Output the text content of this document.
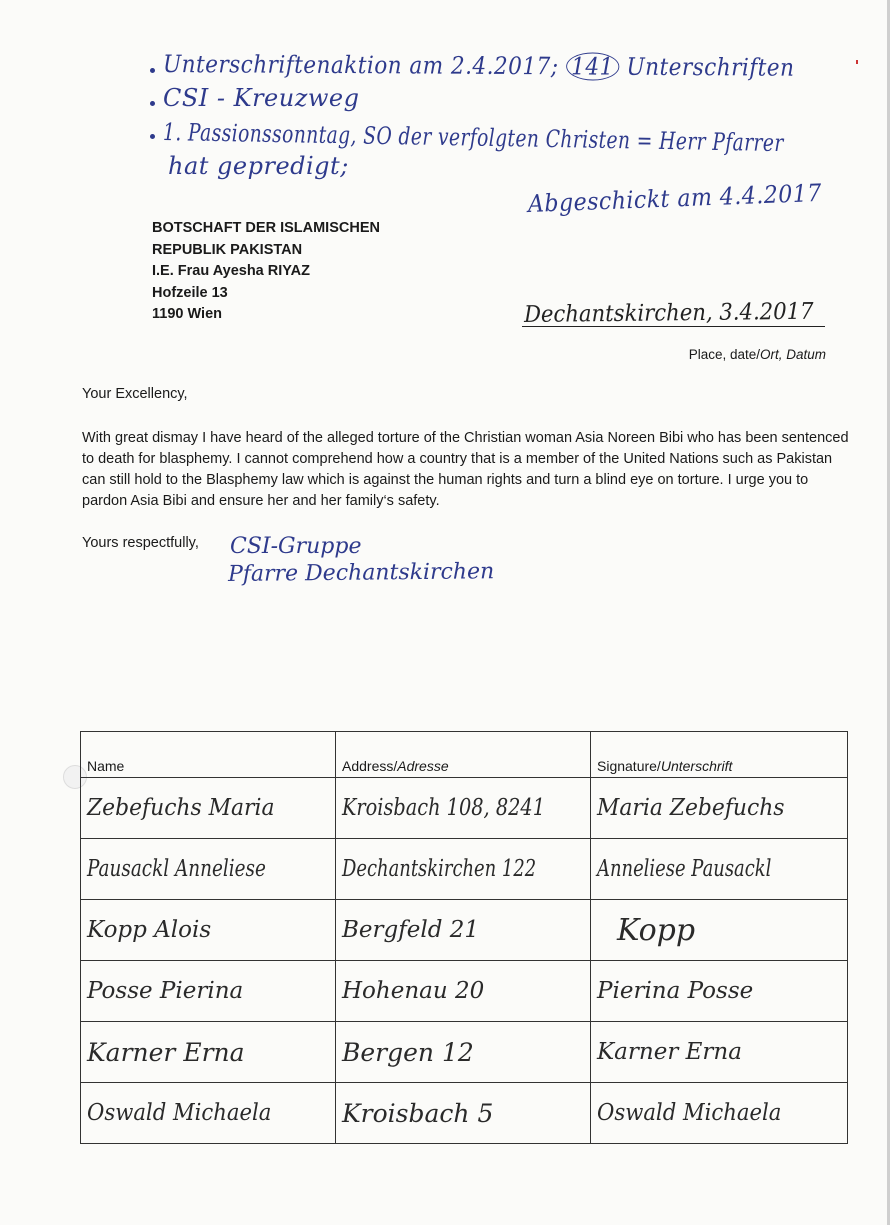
Unterschriftenaktion am 2.4.2017; 141 Unterschriften
CSI - Kreuzweg
1. Passionssonntag, SO der verfolgten Christen = Herr Pfarrer
hat gepredigt;
Abgeschickt am 4.4.2017
BOTSCHAFT DER ISLAMISCHEN
REPUBLIK PAKISTAN
I.E. Frau Ayesha RIYAZ
Hofzeile 13
1190 Wien	Dechantskirchen, 3.4.2017
Place, date/Ort, Datum
Your Excellency,
With great dismay I have heard of the alleged torture of the Christian woman Asia Noreen Bibi who has been sentenced to death for blasphemy. I cannot comprehend how a country that is a member of the United Nations such as Pakistan can still hold to the Blasphemy law which is against the human rights and turn a blind eye on torture. I urge you to pardon Asia Bibi and ensure her and her family‘s safety.
Yours respectfully, CSI-Gruppe
Pfarre Dechantskirchen
Name	Address/Adresse	Signature/Unterschrift

Zebefuchs Maria	Kroisbach 108, 8241	Maria Zebefuchs

Pausackl Anneliese	Dechantskirchen 122	Anneliese Pausackl

Kopp Alois	Bergfeld 21	Kopp

Posse Pierina	Hohenau 20	Pierina Posse

Karner Erna	Bergen 12	Karner Erna

Oswald Michaela	Kroisbach 5	Oswald Michaela
